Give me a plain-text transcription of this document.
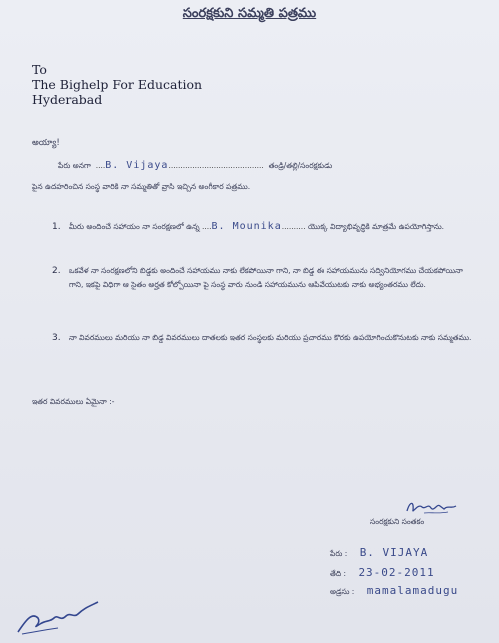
సంరక్షకుని సమ్మతి పత్రము
To
The Bighelp For Education
Hyderabad
అయ్యా!
పేరు అనగా  ....B. Vijaya........................................  తండ్రి/తల్లి/సంరక్షకుడు
పైన ఉదహరించిన సంస్థ వారికి నా సమ్మతితో వ్రాసి ఇచ్చిన అంగీకార పత్రము.
1. మీరు అందించే సహాయం నా సంరక్షణలో ఉన్న ....B. Mounika.......... యొక్క విద్యాభివృద్ధికి మాత్రమే ఉపయోగిస్తాను.
2. ఒకవేళ నా సంరక్షణలోని బిడ్డకు అందించే సహాయము నాకు లేకపోయినా గాని, నా బిడ్డ ఈ సహాయమును సద్వినియోగము చేయకపోయినా గాని, ఇకపై విధిగా ఆ సైతం అర్హత కోల్పోయినా పై సంస్థ వారు నుండి సహాయమును ఆపివేయుటకు నాకు అభ్యంతరము లేదు.
3. నా వివరములు మరియు నా బిడ్డ వివరములు దాతలకు ఇతర సంస్థలకు మరియు ప్రచారము కొరకు ఉపయోగించుకొనుటకు నాకు సమ్మతము.
ఇతర వివరములు ఏమైనా :-
సంరక్షకుని సంతకం
పేరు : B. VIJAYA
తేది : 23-02-2011
అడ్రసు : mamalamadugu
